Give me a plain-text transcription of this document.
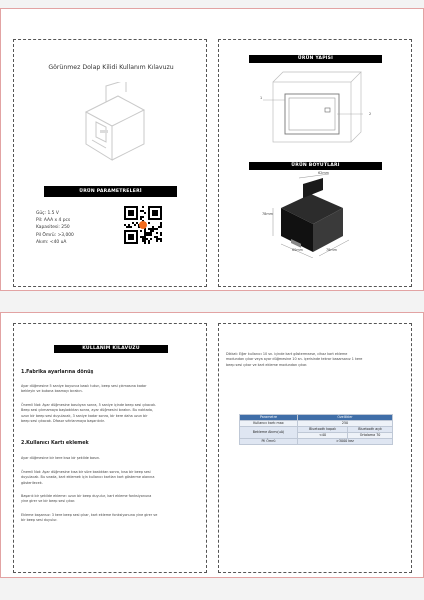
Görünmez Dolap Kilidi Kullanım Kılavuzu
ÜRÜN PARAMETRELERİ
Güç: 1.5 V
Pil: AAA x 4 pcs
Kapasitesi: 250
Pil Ömrü: >3,000
Akım: <40 uA
ÜRÜN YAPISI
1
2
ÜRÜN BOYUTLARI
62mm
78mm
60mm	78mm
KULLANIM KILAVUZU
1.Fabrika ayarlarına dönüş
Ayar düğmesine 5 saniye boyunca basılı tutun, beep sesi çıkmasına kadar
bekleyin ve butona basmayı bırakın.
Önemli Not: Ayar düğmesine basılıyan sonra, 5 saniye içinde beep sesi çıkacak.
Beep sesi çıkmamaya başladıktan sonra, ayar düğmesini bırakın. Bu noktada,
uzun bir beep sesi duyulacak, 3 saniye kadar sonra, bir kere daha uzun bir
beep sesi çıkacak. Dfasor sıfırlanmaya başarılıdır.
2.Kullanıcı Kartı eklemek
Ayar düğmesine bir kere kısa bir şekilde basın.
Önemli Not: Ayar düğmesine kısa bir süre bastıktan sonra, kısa bir beep sesi
duyulacak. Bu sırada, kart eklemek için kullanıcı kartları kart gösterme alanına
gösterilecek.
Başarılı bir şekilde ekleme: uzun bir beep duyulur, kart ekleme fonksiyonuna
yine girer ve bir beep sesi çıkar.
Ekleme başarısız: 3 kere beep sesi çıkar, kart ekleme fonksiyonuna yine girer ve
bir beep sesi duyulur.
Dikkat: Eğer kullanıcı 10 sn. içinde kart göstermezse, cihaz kart ekleme
modundan çıkar veya ayar düğmesine 10 sn. içerisinde tekrar basarsanız 1 kere
beep sesi çıkar ve kart ekleme modundan çıkar.
Parametre	Özellikler	
Kullanıcı kartı max	250	
Bekleme Akımı(uA)	Bluetooth kapalı	Bluetooth açık
	<40	Ortalama 70
Pil Ömrü	>3000 kez	
